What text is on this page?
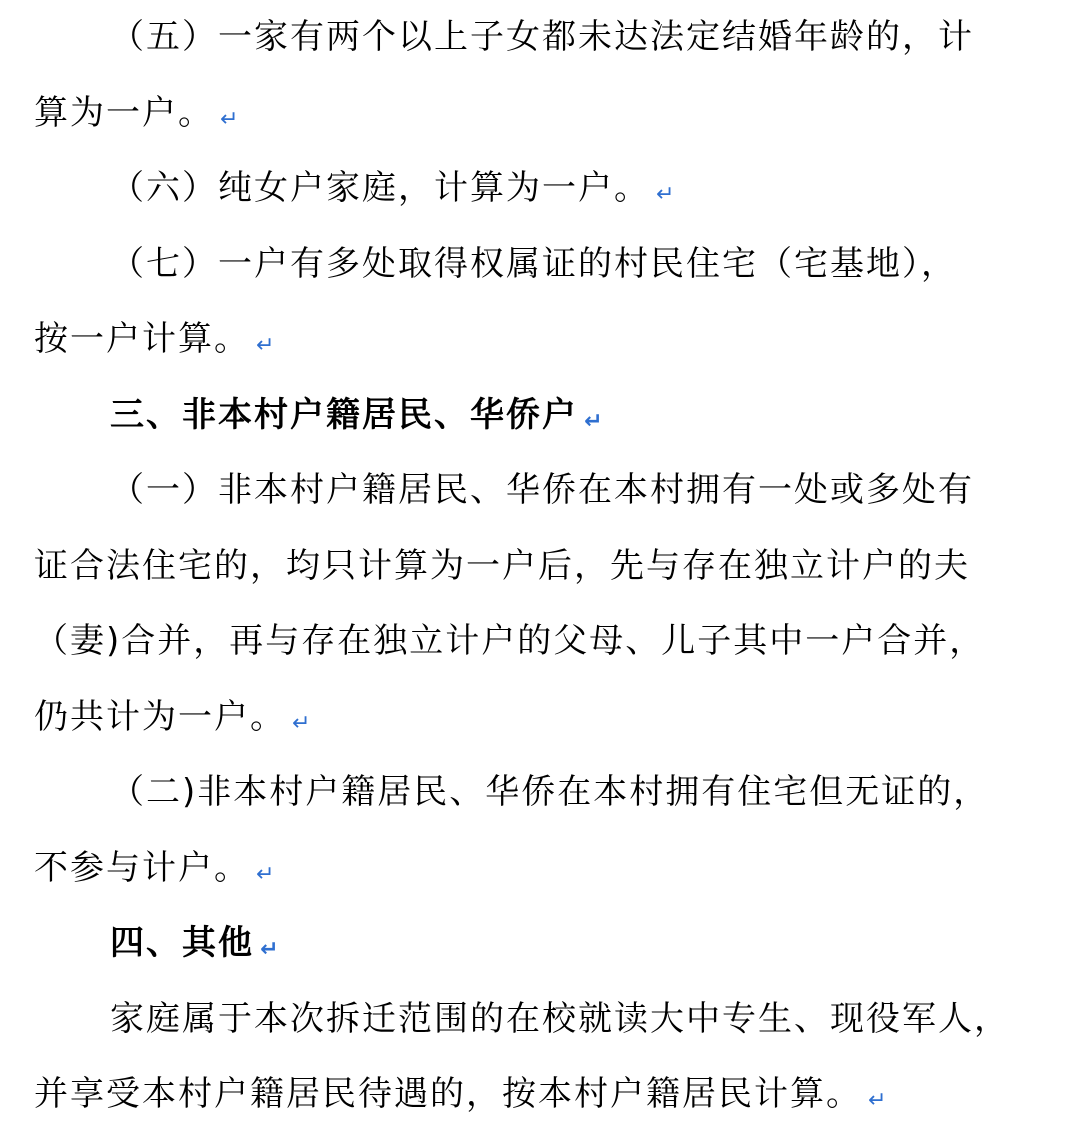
（五）一家有两个以上子女都未达法定结婚年龄的，计
算为一户。 ↵
（六）纯女户家庭，计算为一户。 ↵
（七）一户有多处取得权属证的村民住宅（宅基地），
按一户计算。 ↵
三、非本村户籍居民、华侨户 ↵
（一）非本村户籍居民、华侨在本村拥有一处或多处有
证合法住宅的，均只计算为一户后，先与存在独立计户的夫
（妻)合并，再与存在独立计户的父母、儿子其中一户合并，
仍共计为一户。 ↵
（二)非本村户籍居民、华侨在本村拥有住宅但无证的，
不参与计户。 ↵
四、其他 ↵
家庭属于本次拆迁范围的在校就读大中专生、现役军人，
并享受本村户籍居民待遇的，按本村户籍居民计算。 ↵
